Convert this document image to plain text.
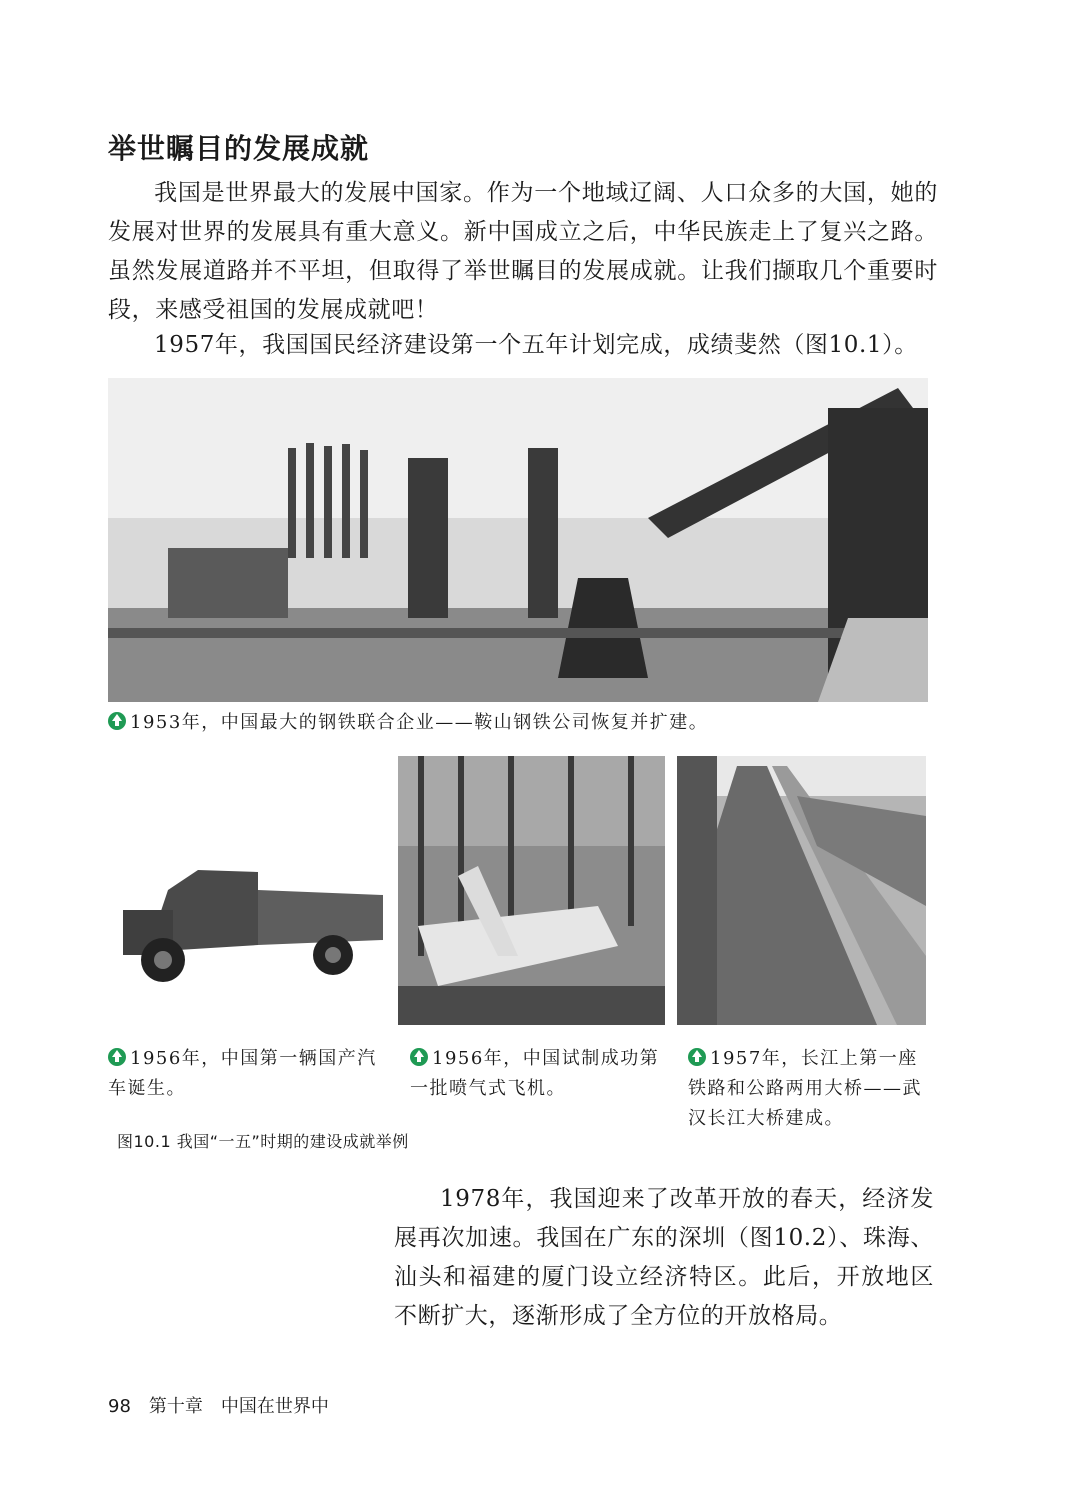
举世瞩目的发展成就
我国是世界最大的发展中国家。作为一个地域辽阔、人口众多的大国，她的发展对世界的发展具有重大意义。新中国成立之后，中华民族走上了复兴之路。虽然发展道路并不平坦，但取得了举世瞩目的发展成就。让我们撷取几个重要时段，来感受祖国的发展成就吧！
1957年，我国国民经济建设第一个五年计划完成，成绩斐然（图10.1）。
1953年，中国最大的钢铁联合企业——鞍山钢铁公司恢复并扩建。
1956年，中国第一辆国产汽车诞生。
1956年，中国试制成功第一批喷气式飞机。
1957年，长江上第一座铁路和公路两用大桥——武汉长江大桥建成。
图10.1 我国“一五”时期的建设成就举例
1978年，我国迎来了改革开放的春天，经济发展再次加速。我国在广东的深圳（图10.2）、珠海、汕头和福建的厦门设立经济特区。此后，开放地区不断扩大，逐渐形成了全方位的开放格局。
98 第十章　中国在世界中
